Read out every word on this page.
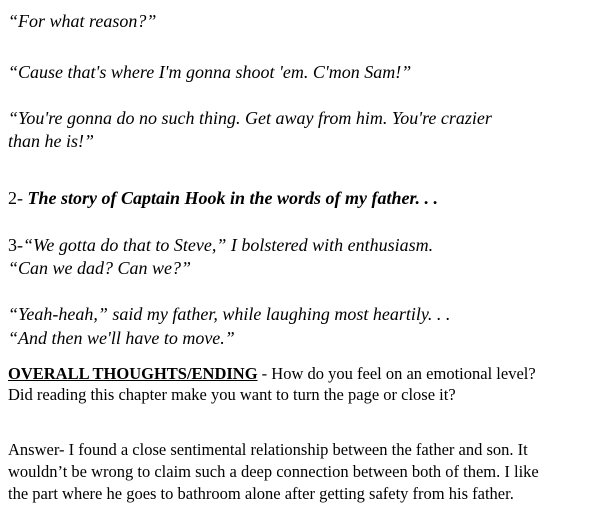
“For what reason?”
“Cause that's where I'm gonna shoot 'em. C'mon Sam!”
“You're gonna do no such thing. Get away from him. You're crazier
than he is!”
2- The story of Captain Hook in the words of my father. . .
3-“We gotta do that to Steve,” I bolstered with enthusiasm.
“Can we dad? Can we?”
“Yeah-heah,” said my father, while laughing most heartily. . .
“And then we'll have to move.”
OVERALL THOUGHTS/ENDING - How do you feel on an emotional level?
Did reading this chapter make you want to turn the page or close it?
Answer- I found a close sentimental relationship between the father and son. It
wouldn’t be wrong to claim such a deep connection between both of them. I like
the part where he goes to bathroom alone after getting safety from his father.
